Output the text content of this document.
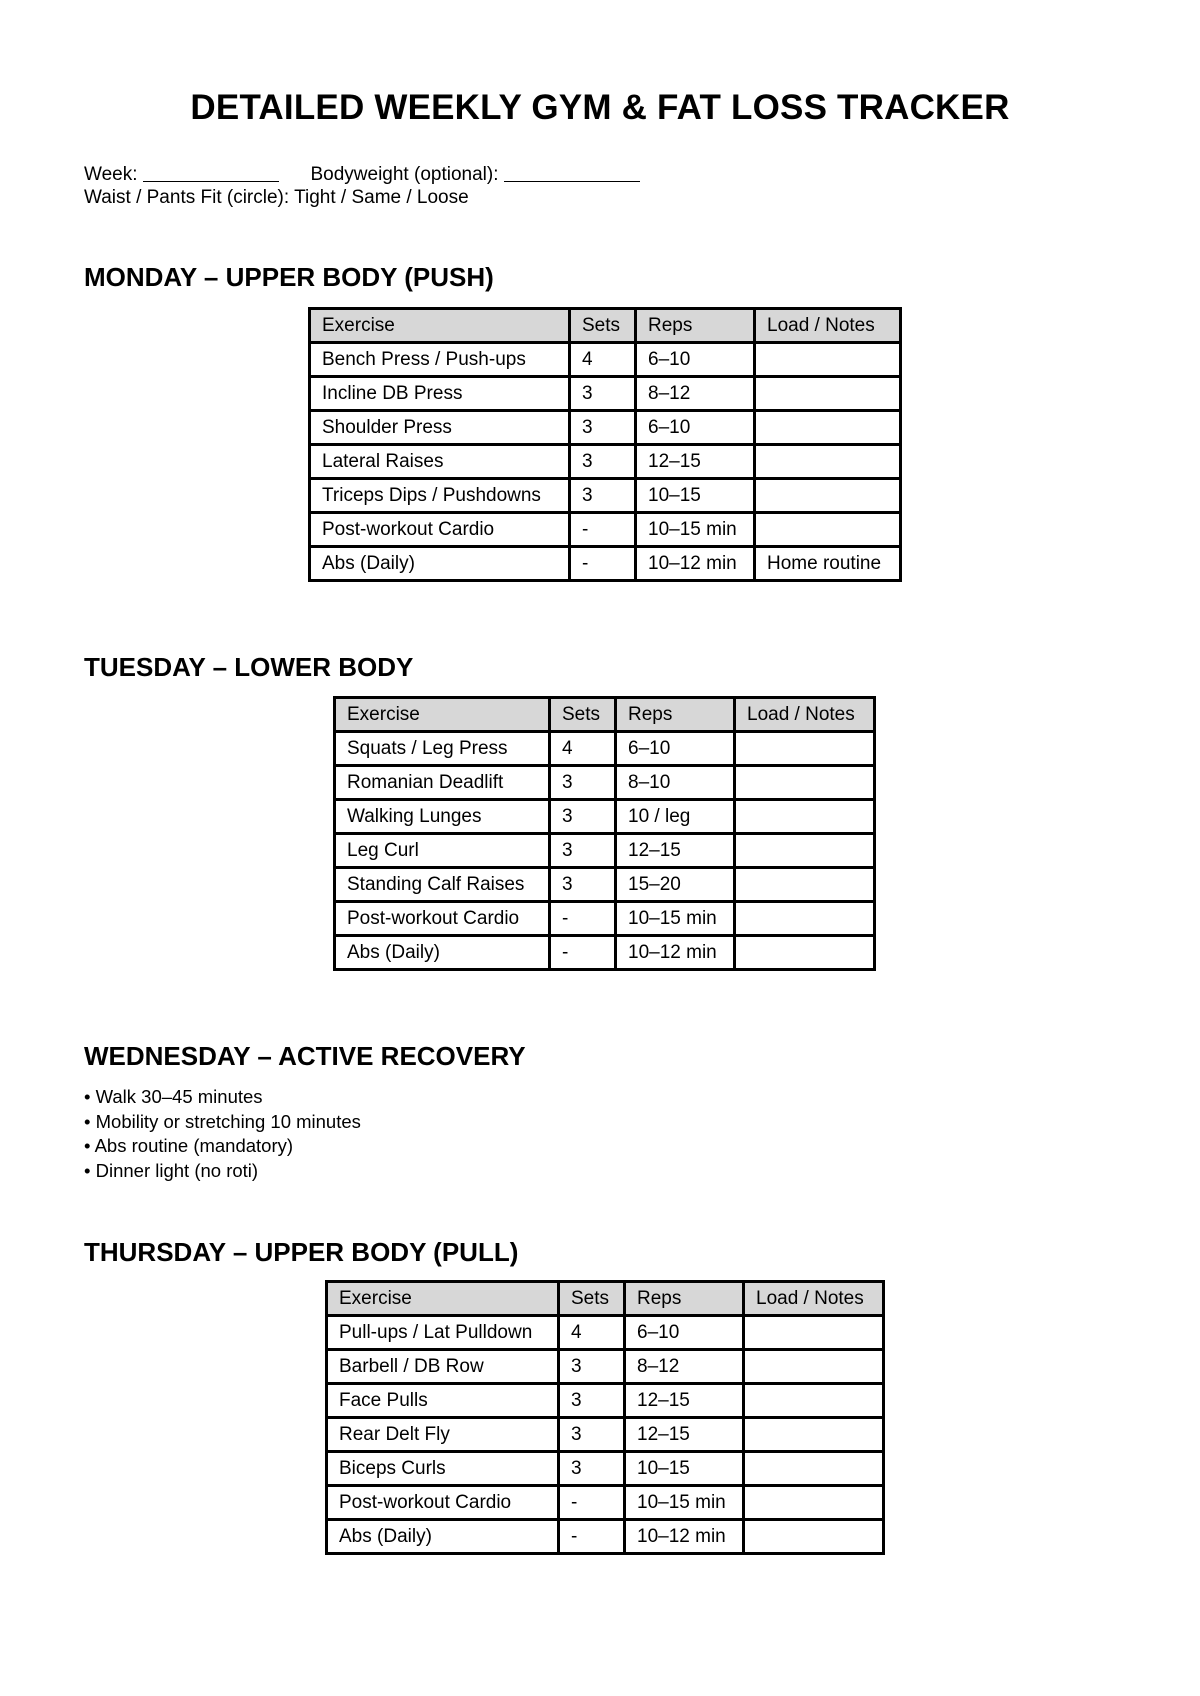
DETAILED WEEKLY GYM & FAT LOSS TRACKER
Week:	Bodyweight (optional):
Waist / Pants Fit (circle): Tight / Same / Loose
MONDAY – UPPER BODY (PUSH)
Exercise	Sets	Reps	Load / Notes
Bench Press / Push-ups	4	6–10	
Incline DB Press	3	8–12	
Shoulder Press	3	6–10	
Lateral Raises	3	12–15	
Triceps Dips / Pushdowns	3	10–15	
Post-workout Cardio	-	10–15 min	
Abs (Daily)	-	10–12 min	Home routine
TUESDAY – LOWER BODY
Exercise	Sets	Reps	Load / Notes
Squats / Leg Press	4	6–10	
Romanian Deadlift	3	8–10	
Walking Lunges	3	10 / leg	
Leg Curl	3	12–15	
Standing Calf Raises	3	15–20	
Post-workout Cardio	-	10–15 min	
Abs (Daily)	-	10–12 min	
WEDNESDAY – ACTIVE RECOVERY
• Walk 30–45 minutes
• Mobility or stretching 10 minutes
• Abs routine (mandatory)
• Dinner light (no roti)
THURSDAY – UPPER BODY (PULL)
Exercise	Sets	Reps	Load / Notes
Pull-ups / Lat Pulldown	4	6–10	
Barbell / DB Row	3	8–12	
Face Pulls	3	12–15	
Rear Delt Fly	3	12–15	
Biceps Curls	3	10–15	
Post-workout Cardio	-	10–15 min	
Abs (Daily)	-	10–12 min	
